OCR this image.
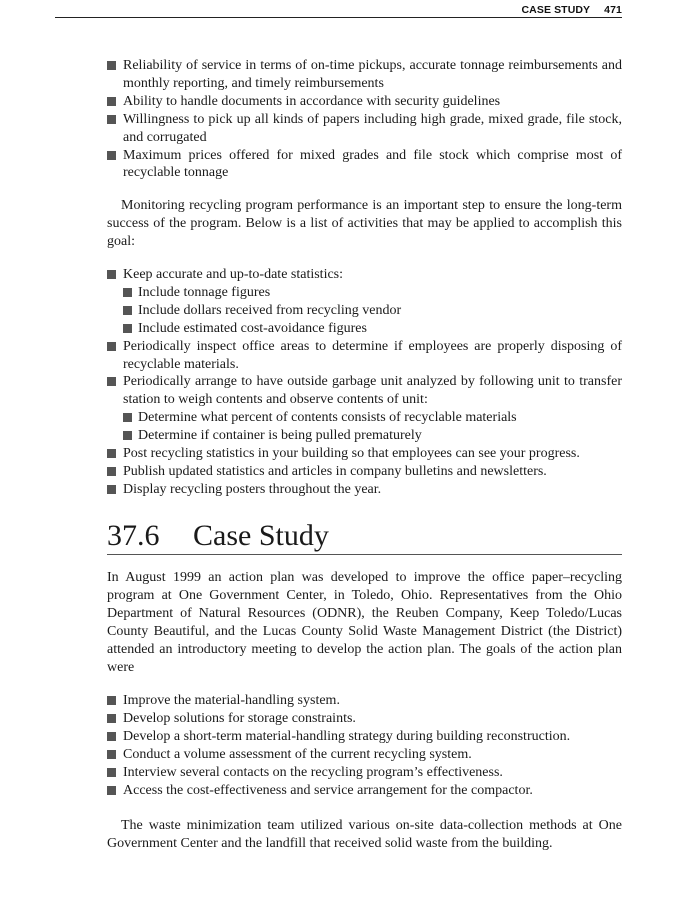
CASE STUDY 471
Reliability of service in terms of on-time pickups, accurate tonnage reimbursements and monthly reporting, and timely reimbursements
Ability to handle documents in accordance with security guidelines
Willingness to pick up all kinds of papers including high grade, mixed grade, file stock, and corrugated
Maximum prices offered for mixed grades and file stock which comprise most of recyclable tonnage
Monitoring recycling program performance is an important step to ensure the long-term success of the program. Below is a list of activities that may be applied to accomplish this goal:
Keep accurate and up-to-date statistics:
Include tonnage figures
Include dollars received from recycling vendor
Include estimated cost-avoidance figures
Periodically inspect office areas to determine if employees are properly disposing of recyclable materials.
Periodically arrange to have outside garbage unit analyzed by following unit to transfer station to weigh contents and observe contents of unit:
Determine what percent of contents consists of recyclable materials
Determine if container is being pulled prematurely
Post recycling statistics in your building so that employees can see your progress.
Publish updated statistics and articles in company bulletins and newsletters.
Display recycling posters throughout the year.
37.6 Case Study
In August 1999 an action plan was developed to improve the office paper–recycling program at One Government Center, in Toledo, Ohio. Representatives from the Ohio Department of Natural Resources (ODNR), the Reuben Company, Keep Toledo/Lucas County Beautiful, and the Lucas County Solid Waste Management District (the District) attended an introductory meeting to develop the action plan. The goals of the action plan were
Improve the material-handling system.
Develop solutions for storage constraints.
Develop a short-term material-handling strategy during building reconstruction.
Conduct a volume assessment of the current recycling system.
Interview several contacts on the recycling program’s effectiveness.
Access the cost-effectiveness and service arrangement for the compactor.
The waste minimization team utilized various on-site data-collection methods at One Government Center and the landfill that received solid waste from the building.
